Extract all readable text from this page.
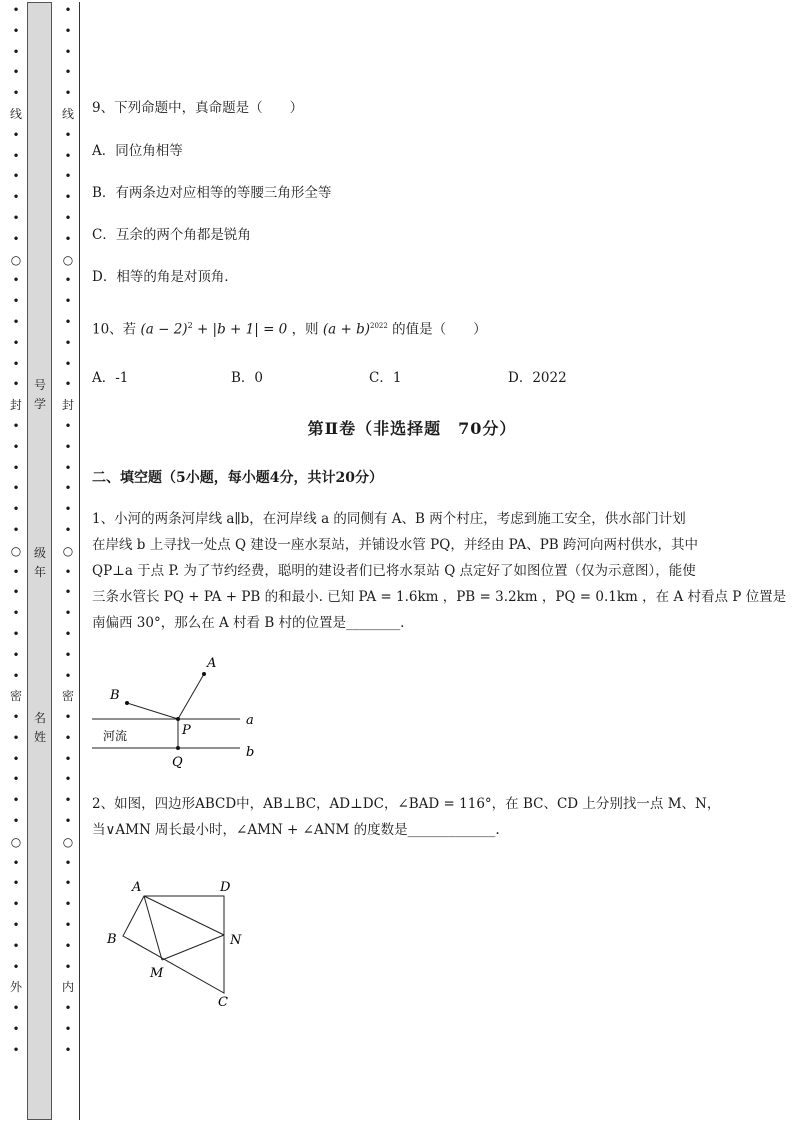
•
•
•
•
•
线
•
•
•
•
•
•
○
•
•
•
•
•
•
封
•
•
•
•
•
•
○
•
•
•
•
•
•
密
•
•
•
•
•
•
○
•
•
•
•
•
•
外
•
•
•
•
•
•
•
•
线
•
•
•
•
•
•
○
•
•
•
•
•
•
封
•
•
•
•
•
•
○
•
•
•
•
•
•
密
•
•
•
•
•
•
○
•
•
•
•
•
•
内
•
•
•
号
学
级
年
名
姓
9、下列命题中，真命题是（　　）
A．同位角相等
B．有两条边对应相等的等腰三角形全等
C．互余的两个角都是锐角
D．相等的角是对顶角．
10、若 $(a - 2)^2 + |b + 1| = 0$ ，则 $(a + b)^{2022}$ 的值是（　　）
A．-1	B．0	C．1	D．2022
第Ⅱ卷（非选择题　70分）
二、填空题（5小题，每小题4分，共计20分）

1、小河的两条河岸线 a∥b，在河岸线 a 的同侧有 A、B 两个村庄，考虑到施工安全，供水部门计划

在岸线 b 上寻找一处点 Q 建设一座水泵站，并铺设水管 PQ，并经由 PA、PB 跨河向两村供水，其中

QP⊥a 于点 P. 为了节约经费，聪明的建设者们已将水泵站 Q 点定好了如图位置（仅为示意图），能使

三条水管长 PQ + PA + PB 的和最小. 已知 PA = 1.6km ，PB = 3.2km ，PQ = 0.1km ，在 A 村看点 P 位置是

南偏西 30°，那么在 A 村看 B 村的位置是________.

A
B
P
Q
a
b
河流

2、如图，四边形ABCD中，AB⊥BC，AD⊥DC，∠BAD = 116°，在 BC、CD 上分别找一点 M、N，

当∨AMN 周长最小时，∠AMN + ∠ANM 的度数是_____________.

A	D
B	N
M
C
